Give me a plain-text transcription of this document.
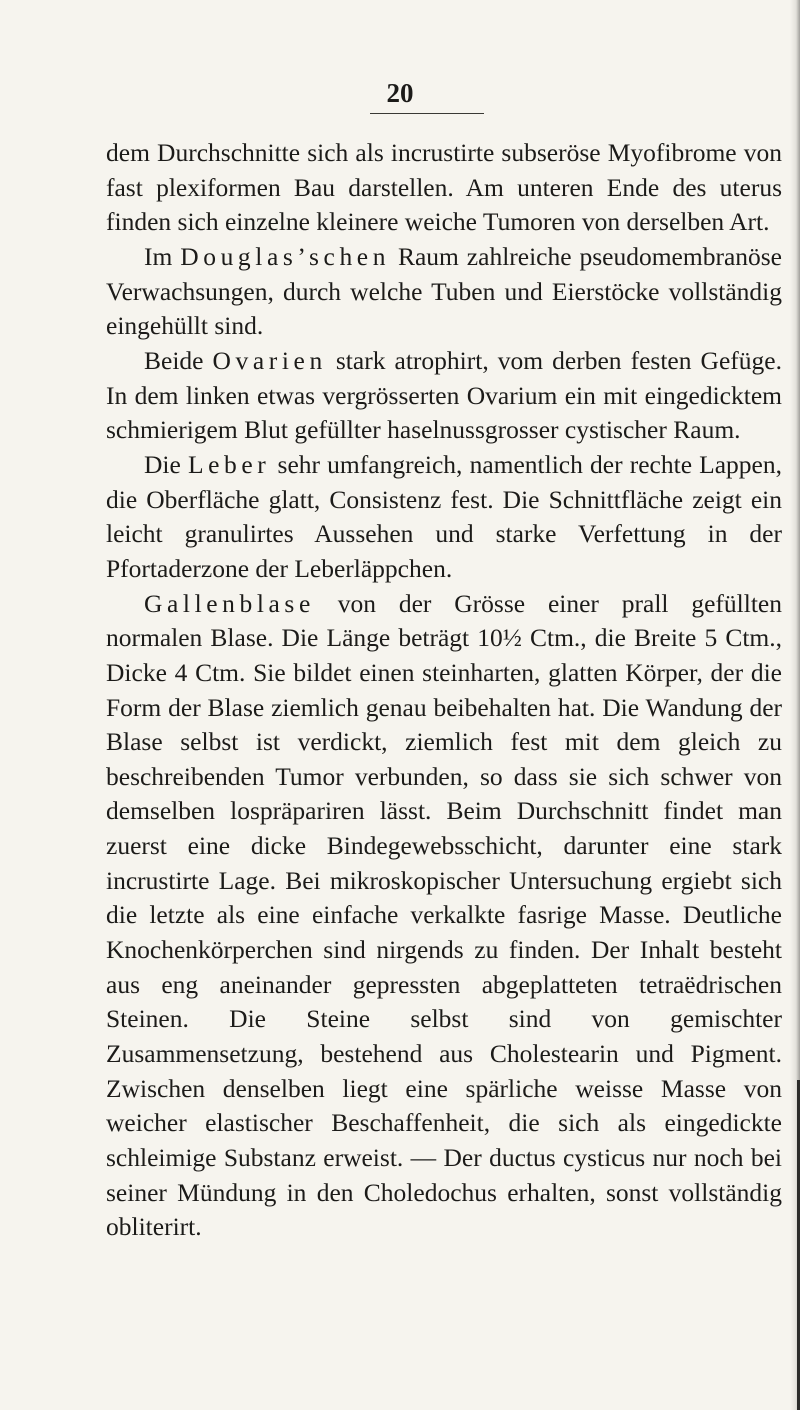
20

dem Durchschnitte sich als incrustirte subseröse Myofibrome von fast plexiformen Bau darstellen. Am unteren Ende des uterus finden sich einzelne kleinere weiche Tumoren von derselben Art.

Im Douglas’schen Raum zahlreiche pseudomembranöse Verwachsungen, durch welche Tuben und Eierstöcke vollständig eingehüllt sind.

Beide Ovarien stark atrophirt, vom derben festen Gefüge. In dem linken etwas vergrösserten Ovarium ein mit eingedicktem schmierigem Blut gefüllter haselnussgrosser cystischer Raum.

Die Leber sehr umfangreich, namentlich der rechte Lappen, die Oberfläche glatt, Consistenz fest. Die Schnittfläche zeigt ein leicht granulirtes Aussehen und starke Verfettung in der Pfortaderzone der Leberläppchen.

Gallenblase von der Grösse einer prall gefüllten normalen Blase. Die Länge beträgt 10½ Ctm., die Breite 5 Ctm., Dicke 4 Ctm. Sie bildet einen steinharten, glatten Körper, der die Form der Blase ziemlich genau beibehalten hat. Die Wandung der Blase selbst ist verdickt, ziemlich fest mit dem gleich zu beschreibenden Tumor verbunden, so dass sie sich schwer von demselben lospräpariren lässt. Beim Durchschnitt findet man zuerst eine dicke Bindegewebsschicht, darunter eine stark incrustirte Lage. Bei mikroskopischer Untersuchung ergiebt sich die letzte als eine einfache verkalkte fasrige Masse. Deutliche Knochenkörperchen sind nirgends zu finden. Der Inhalt besteht aus eng aneinander gepressten abgeplatteten tetraëdrischen Steinen. Die Steine selbst sind von gemischter Zusammensetzung, bestehend aus Cholestearin und Pigment. Zwischen denselben liegt eine spärliche weisse Masse von weicher elastischer Beschaffenheit, die sich als eingedickte schleimige Substanz erweist. — Der ductus cysticus nur noch bei seiner Mündung in den Choledochus erhalten, sonst vollständig obliterirt.
